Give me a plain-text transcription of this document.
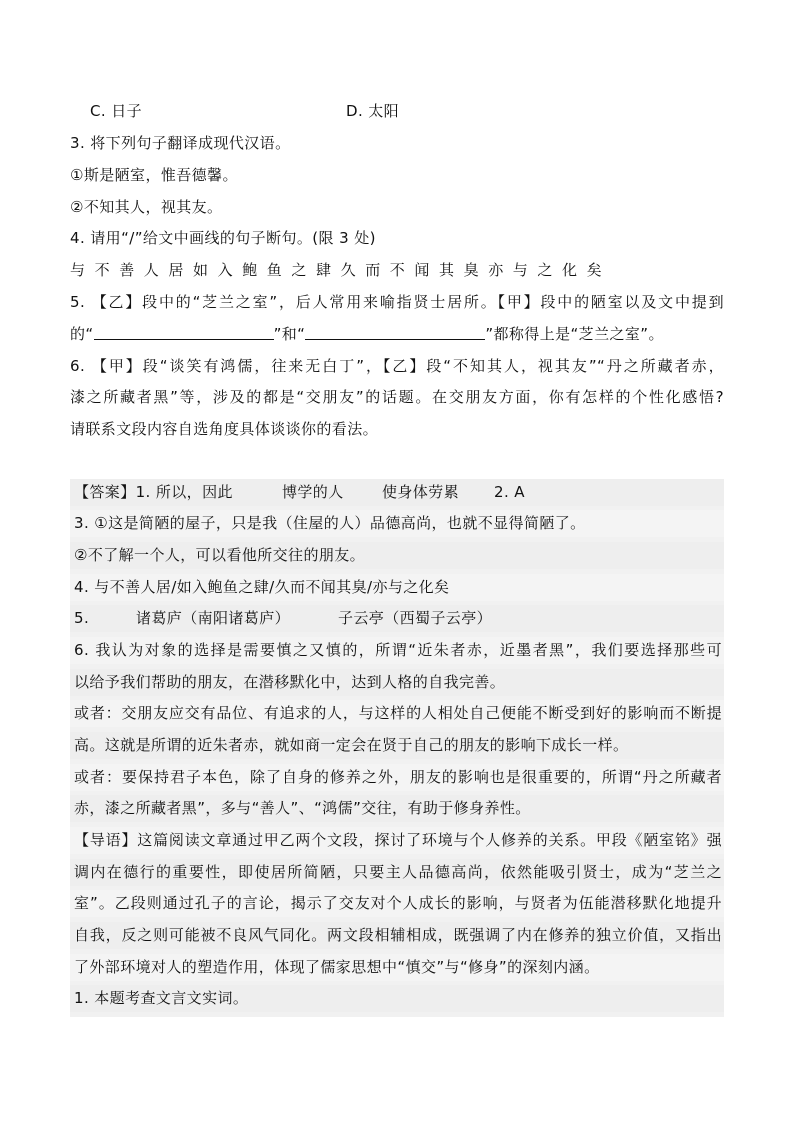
C. 日子	D. 太阳
3. 将下列句子翻译成现代汉语。
①斯是陋室，惟吾德馨。
②不知其人，视其友。
4. 请用“/”给文中画线的句子断句。(限 3 处)
与不善人居如入鲍鱼之肆久而不闻其臭亦与之化矣
5. 【乙】段中的“芝兰之室”，后人常用来喻指贤士居所。【甲】段中的陋室以及文中提到
的“	”和“	”都称得上是“芝兰之室”。
6. 【甲】段“谈笑有鸿儒，往来无白丁”，【乙】段“不知其人，视其友”“丹之所藏者赤，
漆之所藏者黑”等，涉及的都是“交朋友”的话题。在交朋友方面，你有怎样的个性化感悟?
请联系文段内容自选角度具体谈谈你的看法。
【答案】1. 所以，因此	博学的人	使身体劳累 2. A
3. ①这是简陋的屋子，只是我（住屋的人）品德高尚，也就不显得简陋了。
②不了解一个人，可以看他所交往的朋友。
4. 与不善人居/如入鲍鱼之肆/久而不闻其臭/亦与之化矣
5.	诸葛庐（南阳诸葛庐）	子云亭（西蜀子云亭）
6. 我认为对象的选择是需要慎之又慎的，所谓“近朱者赤，近墨者黑”，我们要选择那些可
以给予我们帮助的朋友，在潜移默化中，达到人格的自我完善。
或者：交朋友应交有品位、有追求的人，与这样的人相处自己便能不断受到好的影响而不断提
高。这就是所谓的近朱者赤，就如商一定会在贤于自己的朋友的影响下成长一样。
或者：要保持君子本色，除了自身的修养之外，朋友的影响也是很重要的，所谓“丹之所藏者
赤，漆之所藏者黑”，多与“善人”、“鸿儒”交往，有助于修身养性。
【导语】这篇阅读文章通过甲乙两个文段，探讨了环境与个人修养的关系。甲段《陋室铭》强
调内在德行的重要性，即使居所简陋，只要主人品德高尚，依然能吸引贤士，成为“芝兰之
室”。乙段则通过孔子的言论，揭示了交友对个人成长的影响，与贤者为伍能潜移默化地提升
自我，反之则可能被不良风气同化。两文段相辅相成，既强调了内在修养的独立价值，又指出
了外部环境对人的塑造作用，体现了儒家思想中“慎交”与“修身”的深刻内涵。
1. 本题考查文言文实词。
